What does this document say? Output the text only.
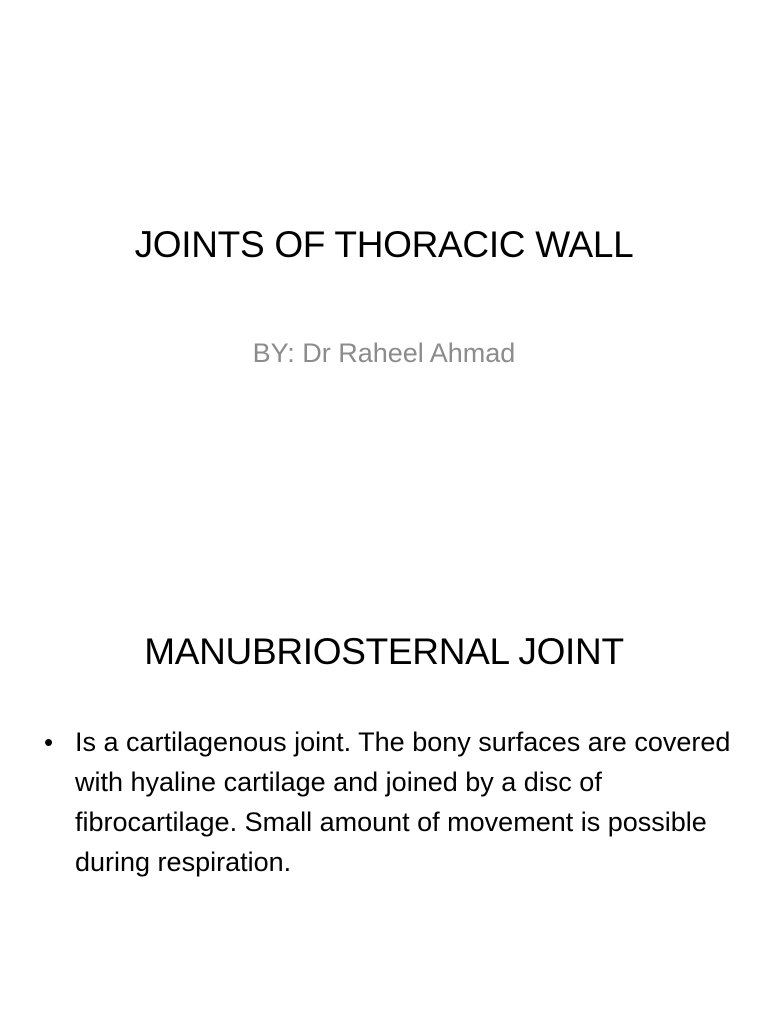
JOINTS OF THORACIC WALL

BY: Dr Raheel Ahmad

MANUBRIOSTERNAL JOINT
• Is a cartilagenous joint. The bony surfaces are covered with hyaline cartilage and joined by a disc of fibrocartilage. Small amount of movement is possible during respiration.
